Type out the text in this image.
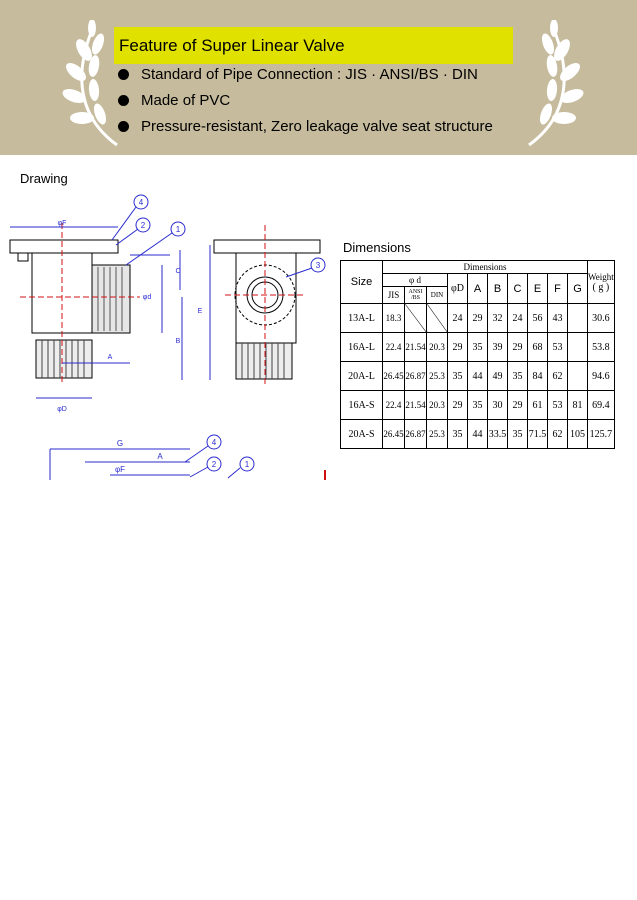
Feature of Super Linear Valve
Standard of Pipe Connection : JIS · ANSI/BS · DIN
Made of PVC
Pressure-resistant, Zero leakage valve seat structure
Drawing
Dimensions
4
2	1
3
φF
C
E
B
φd
φD
A
4
2	1
G
A
φF
Size	Dimensions										Weight
( g )
	φ d			φD	A	B	C	E	F	G	
	JIS	ANSI /BS	DIN								
13A-L	18.3			24	29	32	24	56	43		30.6
16A-L	22.4	21.54	20.3	29	35	39	29	68	53		53.8
20A-L	26.45	26.87	25.3	35	44	49	35	84	62		94.6
16A-S	22.4	21.54	20.3	29	35	30	29	61	53	81	69.4
20A-S	26.45	26.87	25.3	35	44	33.5	35	71.5	62	105	125.7
